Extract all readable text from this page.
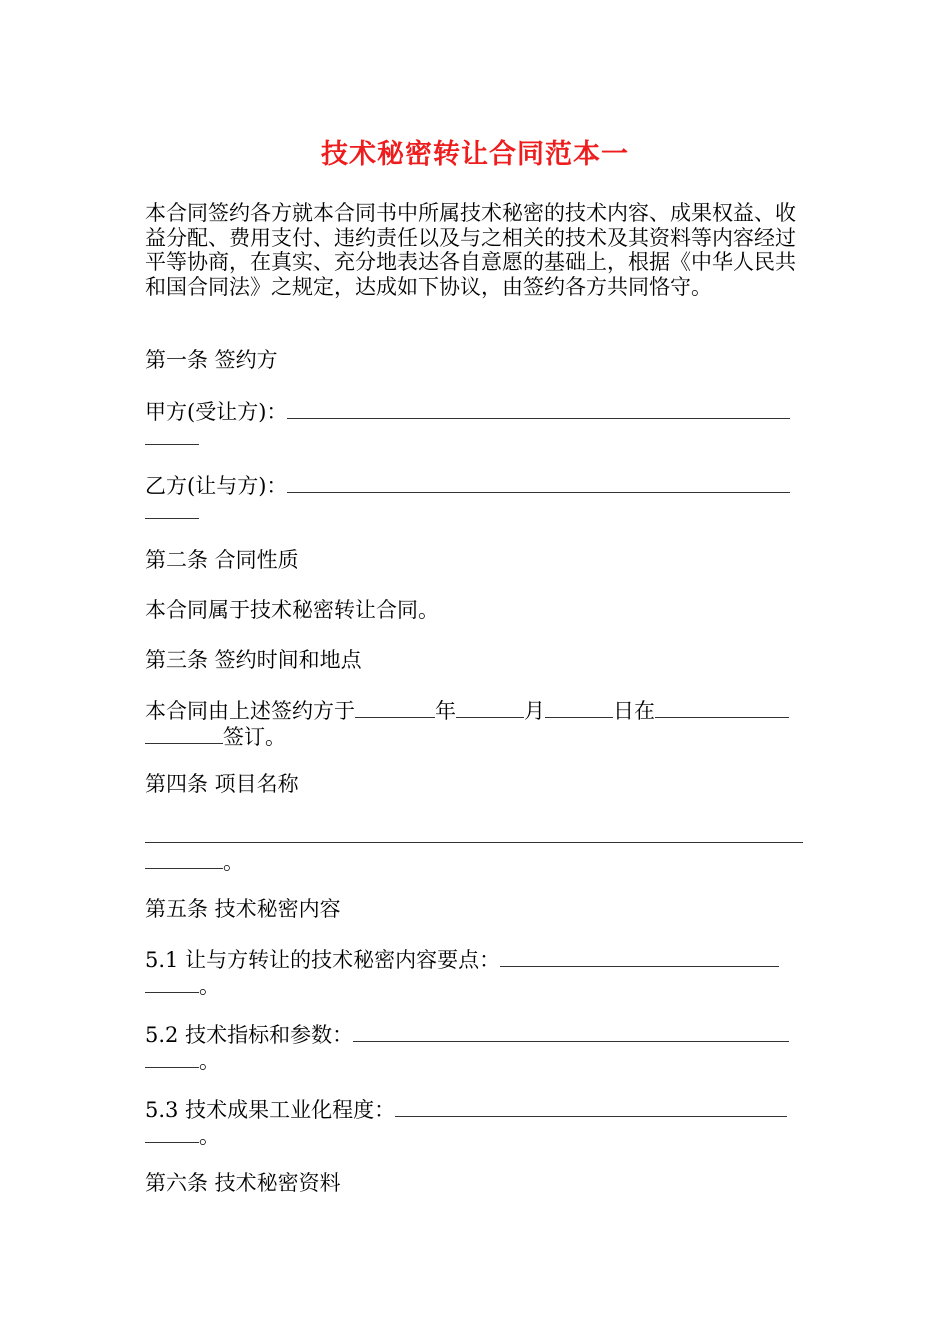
技术秘密转让合同范本一
本合同签约各方就本合同书中所属技术秘密的技术内容、成果权益、收益分配、费用支付、违约责任以及与之相关的技术及其资料等内容经过平等协商，在真实、充分地表达各自意愿的基础上，根据《中华人民共和国合同法》之规定，达成如下协议，由签约各方共同恪守。
第一条 签约方
甲方(受让方)：
乙方(让与方)：
第二条 合同性质
本合同属于技术秘密转让合同。
第三条 签约时间和地点
本合同由上述签约方于	年	月	日在
签订。
第四条 项目名称
。
第五条 技术秘密内容
5.1 让与方转让的技术秘密内容要点：
。
5.2 技术指标和参数：
。
5.3 技术成果工业化程度：
。
第六条 技术秘密资料
